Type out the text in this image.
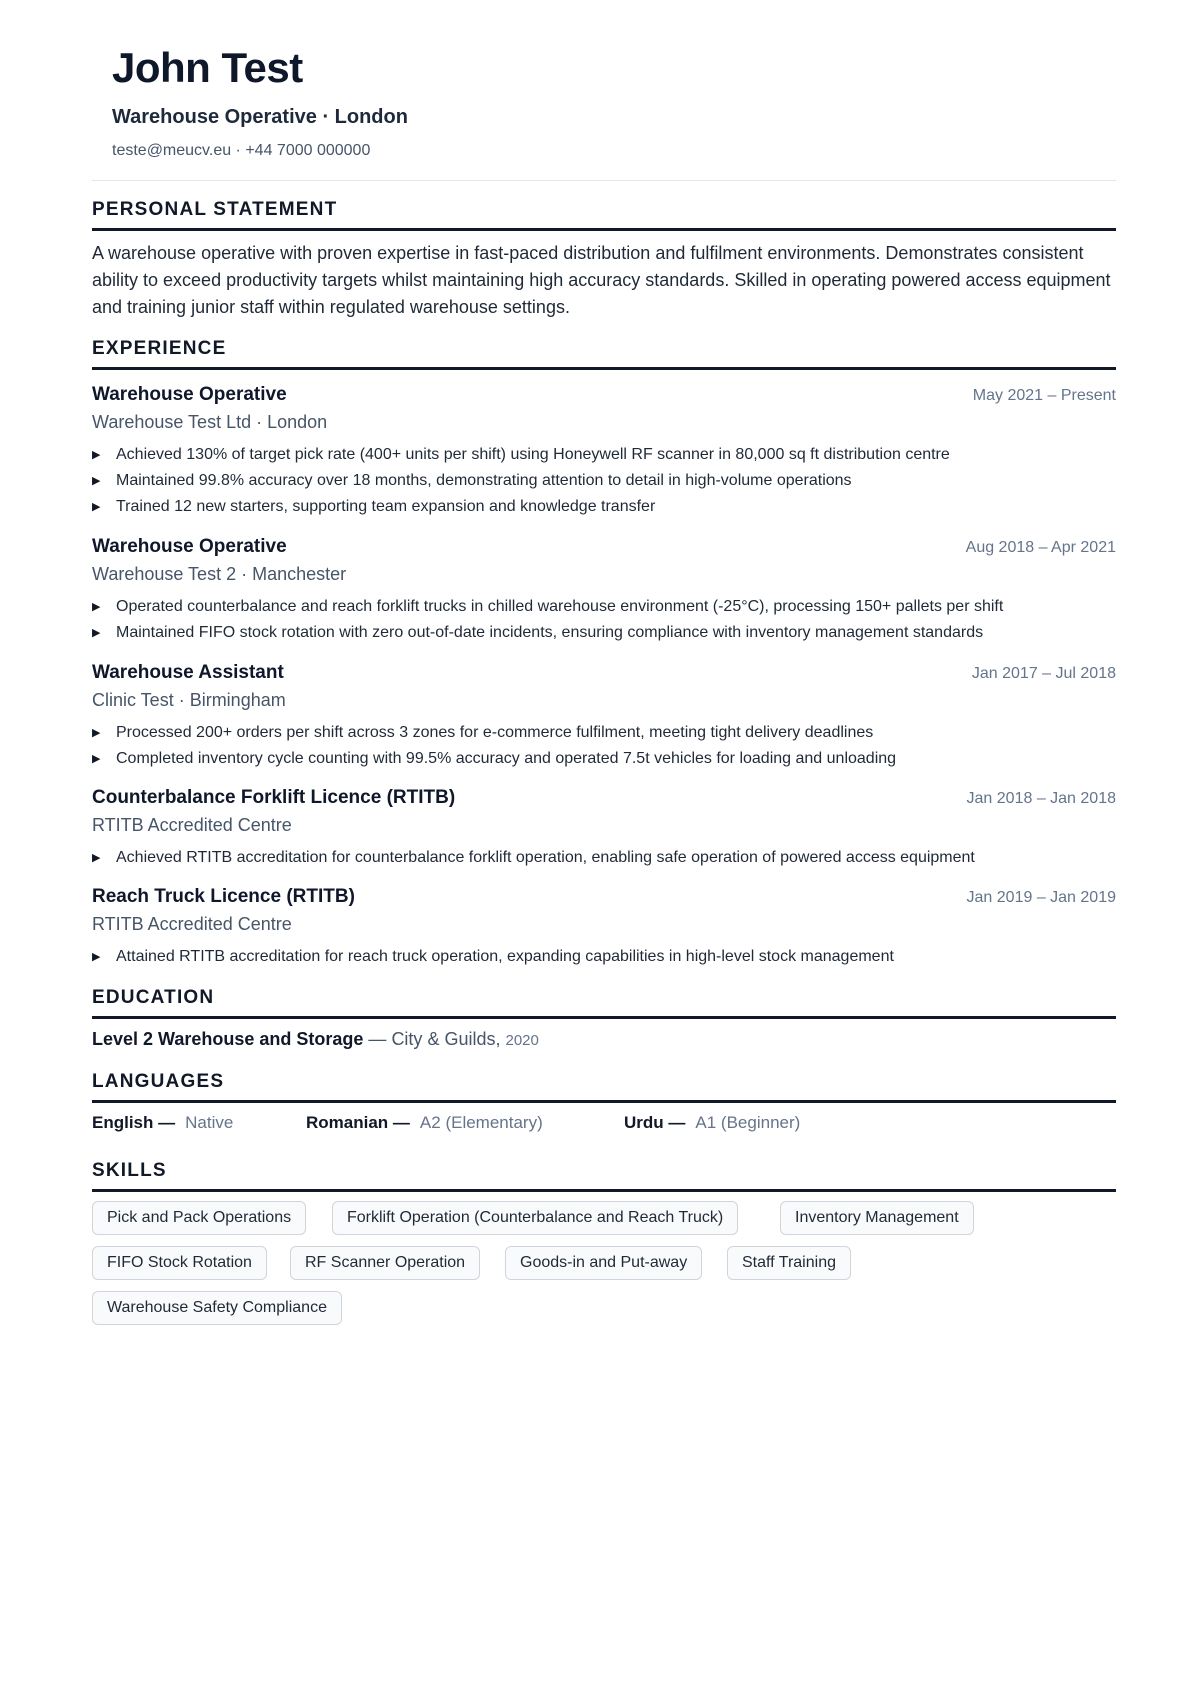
John Test
Warehouse Operative · London
teste@meucv.eu · +44 7000 000000
PERSONAL STATEMENT
A warehouse operative with proven expertise in fast-paced distribution and fulfilment environments. Demonstrates consistent ability to exceed productivity targets whilst maintaining high accuracy standards. Skilled in operating powered access equipment and training junior staff within regulated warehouse settings.
EXPERIENCE
Warehouse Operative	May 2021 – Present
Warehouse Test Ltd · London
▶ Achieved 130% of target pick rate (400+ units per shift) using Honeywell RF scanner in 80,000 sq ft distribution centre
▶ Maintained 99.8% accuracy over 18 months, demonstrating attention to detail in high-volume operations
▶ Trained 12 new starters, supporting team expansion and knowledge transfer
Warehouse Operative	Aug 2018 – Apr 2021
Warehouse Test 2 · Manchester
▶ Operated counterbalance and reach forklift trucks in chilled warehouse environment (-25°C), processing 150+ pallets per shift
▶ Maintained FIFO stock rotation with zero out-of-date incidents, ensuring compliance with inventory management standards
Warehouse Assistant	Jan 2017 – Jul 2018
Clinic Test · Birmingham
▶ Processed 200+ orders per shift across 3 zones for e-commerce fulfilment, meeting tight delivery deadlines
▶ Completed inventory cycle counting with 99.5% accuracy and operated 7.5t vehicles for loading and unloading
Counterbalance Forklift Licence (RTITB)	Jan 2018 – Jan 2018
RTITB Accredited Centre
▶ Achieved RTITB accreditation for counterbalance forklift operation, enabling safe operation of powered access equipment
Reach Truck Licence (RTITB)	Jan 2019 – Jan 2019
RTITB Accredited Centre
▶ Attained RTITB accreditation for reach truck operation, expanding capabilities in high-level stock management
EDUCATION
Level 2 Warehouse and Storage — City & Guilds, 2020
LANGUAGES
English — Native	Romanian — A2 (Elementary)	Urdu — A1 (Beginner)
SKILLS
Pick and Pack Operations	Forklift Operation (Counterbalance and Reach Truck)	Inventory Management
FIFO Stock Rotation	RF Scanner Operation	Goods-in and Put-away	Staff Training
Warehouse Safety Compliance
